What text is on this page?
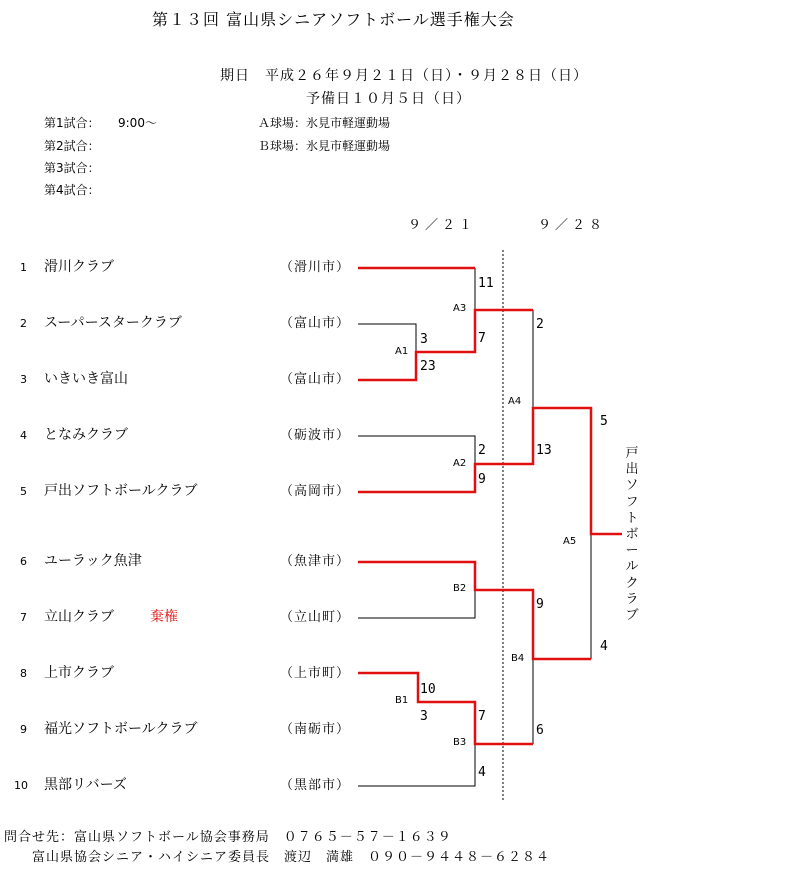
第１３回 富山県シニアソフトボール選手権大会
期日　平成２６年９月２１日（日）・９月２８日（日）
予備日１０月５日（日）
第1試合： 9:00～
第2試合：
第3試合：
第4試合：
Ａ球場：氷見市軽運動場
Ｂ球場：氷見市軽運動場
９／２１	９／２８
1 滑川クラブ	（滑川市）
2 スーパースタークラブ	（富山市）
3 いきいき富山	（富山市）
4 となみクラブ	（砺波市）
5 戸出ソフトボールクラブ	（高岡市）
6 ユーラック魚津	（魚津市）
7 立山クラブ	棄権	（立山町）
8 上市クラブ	（上市町）
9 福光ソフトボールクラブ	（南砺市）
10 黒部リバーズ	（黒部市）
A1
A2
A3
A4
A5
B1
B2
B3
B4
3
23
2
9
11
7
2
13
5
4
10
3
9
7
4
6
戸出ソフトボールクラブ
問合せ先：富山県ソフトボール協会事務局　０７６５－５７－１６３９
富山県協会シニア・ハイシニア委員長　渡辺　満雄　０９０－９４４８－６２８４
